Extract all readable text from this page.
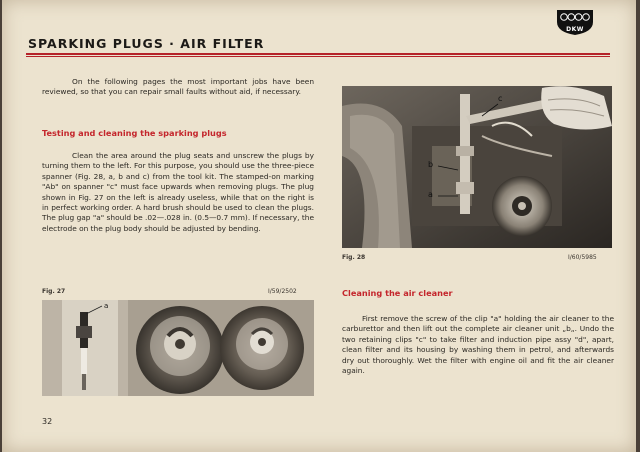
SPARKING PLUGS · AIR FILTER
DKW
On the following pages the most important jobs have been reviewed, so that you can repair small faults without aid, if necessary.
Testing and cleaning the sparking plugs
Clean the area around the plug seats and unscrew the plugs by turning them to the left. For this purpose, you should use the three-piece spanner (Fig. 28, a, b and c) from the tool kit. The stamped-on marking "Ab" on spanner "c" must face upwards when removing plugs. The plug shown in Fig. 27 on the left is already useless, while that on the right is in perfect working order. A hard brush should be used to clean the plugs. The plug gap "a" should be .02—.028 in. (0.5—0.7 mm). If necessary, the electrode on the plug body should be adjusted by bending.
Fig. 27	I/59/2502
a
b
a
c
Fig. 28	I/60/5985
Cleaning the air cleaner
First remove the screw of the clip "a" holding the air cleaner to the carburettor and then lift out the complete air cleaner unit „b„. Undo the two retaining clips "c" to take filter and induction pipe assy "d", apart, clean filter and its housing by washing them in petrol, and afterwards dry out thoroughly. Wet the filter with engine oil and fit the air cleaner again.
32
